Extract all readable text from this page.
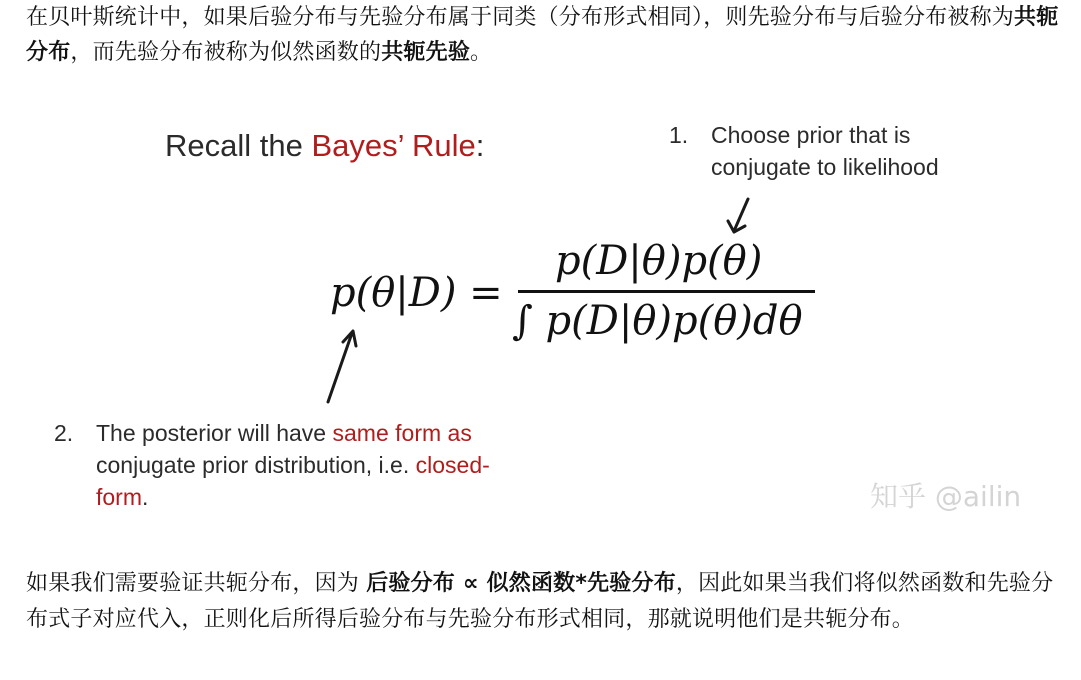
在贝叶斯统计中，如果后验分布与先验分布属于同类（分布形式相同），则先验分布与后验分布被称为共轭分布，而先验分布被称为似然函数的共轭先验。
Recall the Bayes’ Rule:	1. Choose prior that is
conjugate to likelihood
p(θ|D) =
p(D|θ)p(θ)
∫ p(D|θ)p(θ)dθ
2. The posterior will have same form as
conjugate prior distribution, i.e. closed-
form.	知乎 @ailin
如果我们需要验证共轭分布，因为 后验分布 ∝ 似然函数*先验分布，因此如果当我们将似然函数和先验分布式子对应代入，正则化后所得后验分布与先验分布形式相同，那就说明他们是共轭分布。
